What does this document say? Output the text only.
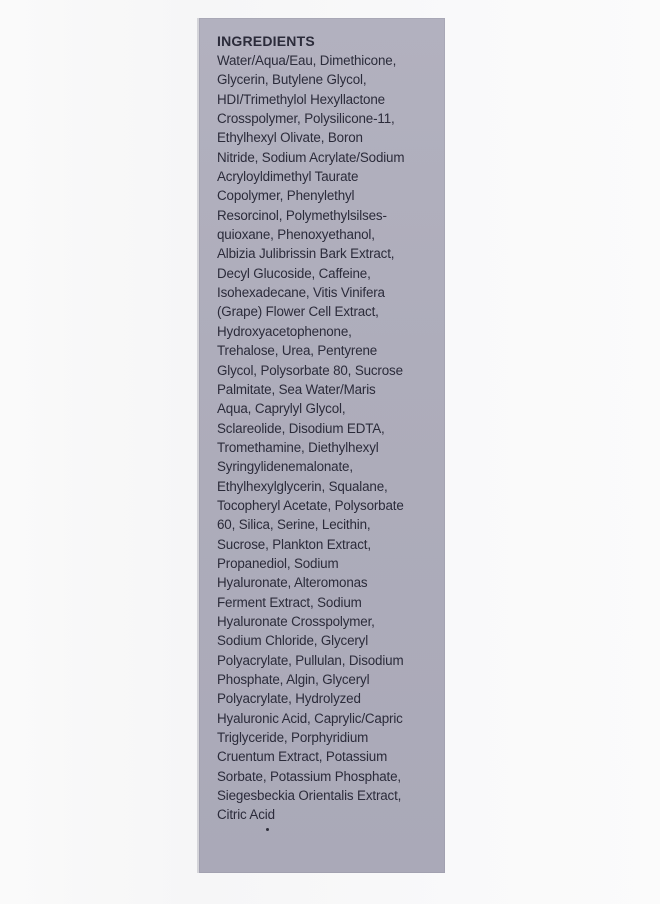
INGREDIENTS
Water/Aqua/Eau, Dimethicone,
Glycerin, Butylene Glycol,
HDI/Trimethylol Hexyllactone
Crosspolymer, Polysilicone-11,
Ethylhexyl Olivate, Boron
Nitride, Sodium Acrylate/Sodium
Acryloyldimethyl Taurate
Copolymer, Phenylethyl
Resorcinol, Polymethylsilses-
quioxane, Phenoxyethanol,
Albizia Julibrissin Bark Extract,
Decyl Glucoside, Caffeine,
Isohexadecane, Vitis Vinifera
(Grape) Flower Cell Extract,
Hydroxyacetophenone,
Trehalose, Urea, Pentyrene
Glycol, Polysorbate 80, Sucrose
Palmitate, Sea Water/Maris
Aqua, Caprylyl Glycol,
Sclareolide, Disodium EDTA,
Tromethamine, Diethylhexyl
Syringylidenemalonate,
Ethylhexylglycerin, Squalane,
Tocopheryl Acetate, Polysorbate
60, Silica, Serine, Lecithin,
Sucrose, Plankton Extract,
Propanediol, Sodium
Hyaluronate, Alteromonas
Ferment Extract, Sodium
Hyaluronate Crosspolymer,
Sodium Chloride, Glyceryl
Polyacrylate, Pullulan, Disodium
Phosphate, Algin, Glyceryl
Polyacrylate, Hydrolyzed
Hyaluronic Acid, Caprylic/Capric
Triglyceride, Porphyridium
Cruentum Extract, Potassium
Sorbate, Potassium Phosphate,
Siegesbeckia Orientalis Extract,
Citric Acid
